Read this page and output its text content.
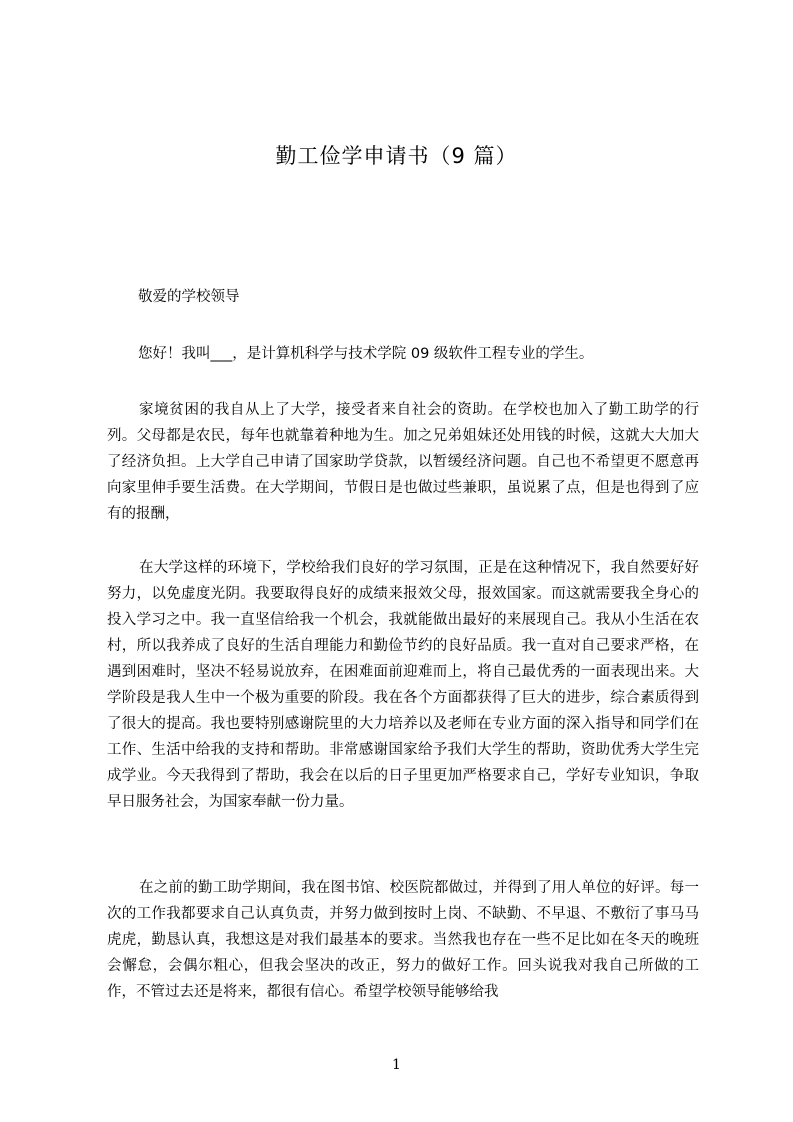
勤工俭学申请书（9 篇）

敬爱的学校领导

您好！我叫___，是计算机科学与技术学院 09 级软件工程专业的学生。

家境贫困的我自从上了大学，接受者来自社会的资助。在学校也加入了勤工助学的行列。父母都是农民，每年也就靠着种地为生。加之兄弟姐妹还处用钱的时候，这就大大加大了经济负担。上大学自己申请了国家助学贷款，以暂缓经济问题。自己也不希望更不愿意再向家里伸手要生活费。在大学期间，节假日是也做过些兼职，虽说累了点，但是也得到了应有的报酬，

在大学这样的环境下，学校给我们良好的学习氛围，正是在这种情况下，我自然要好好努力，以免虚度光阴。我要取得良好的成绩来报效父母，报效国家。而这就需要我全身心的投入学习之中。我一直坚信给我一个机会，我就能做出最好的来展现自己。我从小生活在农村，所以我养成了良好的生活自理能力和勤俭节约的良好品质。我一直对自己要求严格，在遇到困难时，坚决不轻易说放弃，在困难面前迎难而上，将自己最优秀的一面表现出来。大学阶段是我人生中一个极为重要的阶段。我在各个方面都获得了巨大的进步，综合素质得到了很大的提高。我也要特别感谢院里的大力培养以及老师在专业方面的深入指导和同学们在工作、生活中给我的支持和帮助。非常感谢国家给予我们大学生的帮助，资助优秀大学生完成学业。今天我得到了帮助，我会在以后的日子里更加严格要求自己，学好专业知识，争取早日服务社会，为国家奉献一份力量。

在之前的勤工助学期间，我在图书馆、校医院都做过，并得到了用人单位的好评。每一次的工作我都要求自己认真负责，并努力做到按时上岗、不缺勤、不早退、不敷衍了事马马虎虎，勤恳认真，我想这是对我们最基本的要求。当然我也存在一些不足比如在冬天的晚班会懈怠，会偶尔粗心，但我会坚决的改正，努力的做好工作。回头说我对我自己所做的工作，不管过去还是将来，都很有信心。希望学校领导能够给我

1
